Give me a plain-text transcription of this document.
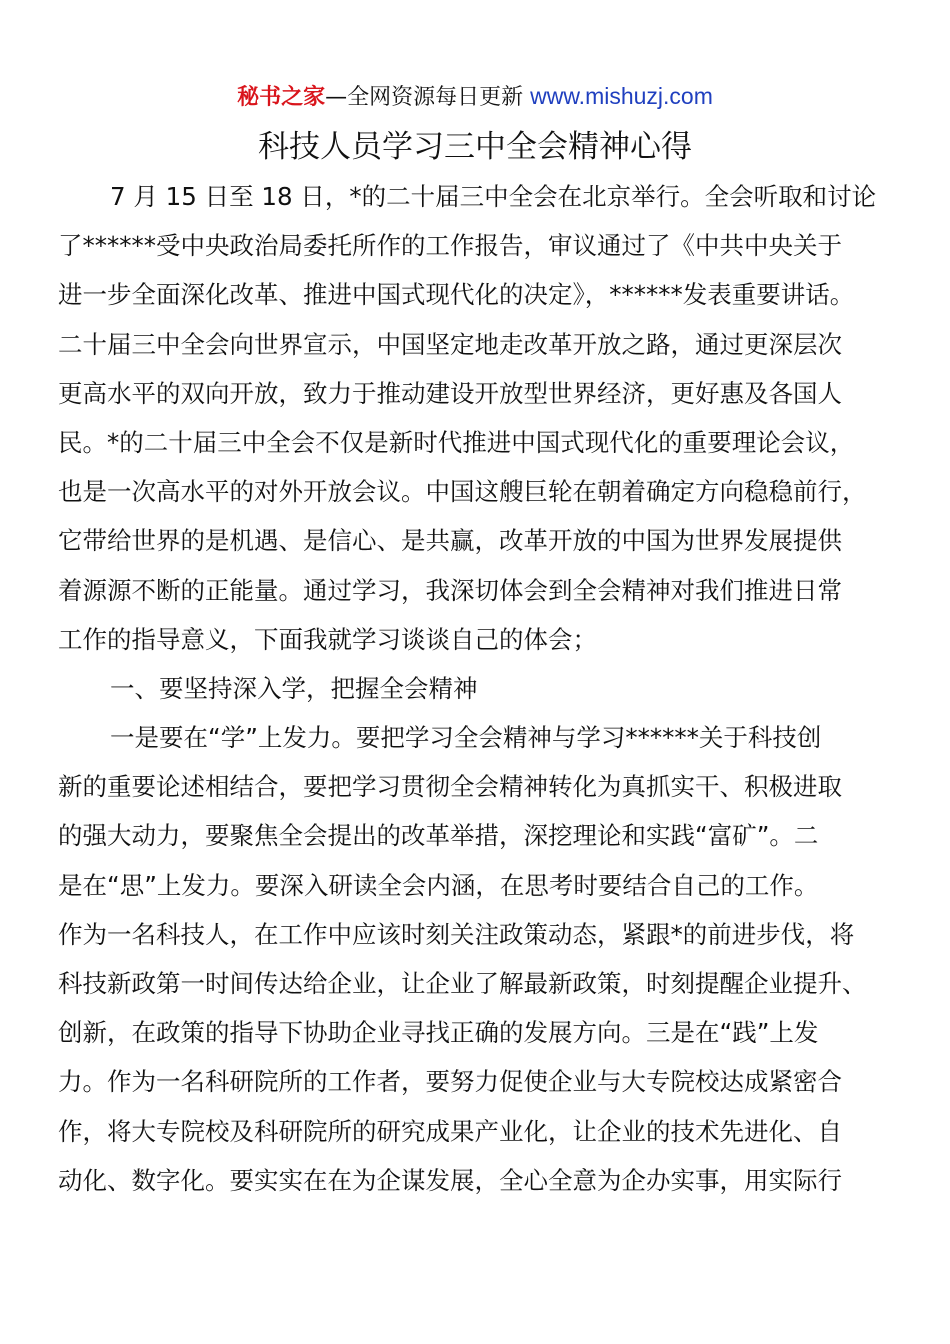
秘书之家—全网资源每日更新 www.mishuzj.com
科技人员学习三中全会精神心得
7 月 15 日至 18 日，*的二十届三中全会在北京举行。全会听取和讨论
了******受中央政治局委托所作的工作报告，审议通过了《中共中央关于
进一步全面深化改革、推进中国式现代化的决定》，******发表重要讲话。
二十届三中全会向世界宣示，中国坚定地走改革开放之路，通过更深层次
更高水平的双向开放，致力于推动建设开放型世界经济，更好惠及各国人
民。*的二十届三中全会不仅是新时代推进中国式现代化的重要理论会议，
也是一次高水平的对外开放会议。中国这艘巨轮在朝着确定方向稳稳前行，
它带给世界的是机遇、是信心、是共赢，改革开放的中国为世界发展提供
着源源不断的正能量。通过学习，我深切体会到全会精神对我们推进日常
工作的指导意义，下面我就学习谈谈自己的体会；
一、要坚持深入学，把握全会精神
一是要在“学”上发力。要把学习全会精神与学习******关于科技创
新的重要论述相结合，要把学习贯彻全会精神转化为真抓实干、积极进取
的强大动力，要聚焦全会提出的改革举措，深挖理论和实践“富矿”。二
是在“思”上发力。要深入研读全会内涵，在思考时要结合自己的工作。
作为一名科技人，在工作中应该时刻关注政策动态，紧跟*的前进步伐，将
科技新政第一时间传达给企业，让企业了解最新政策，时刻提醒企业提升、
创新，在政策的指导下协助企业寻找正确的发展方向。三是在“践”上发
力。作为一名科研院所的工作者，要努力促使企业与大专院校达成紧密合
作，将大专院校及科研院所的研究成果产业化，让企业的技术先进化、自
动化、数字化。要实实在在为企谋发展，全心全意为企办实事，用实际行
